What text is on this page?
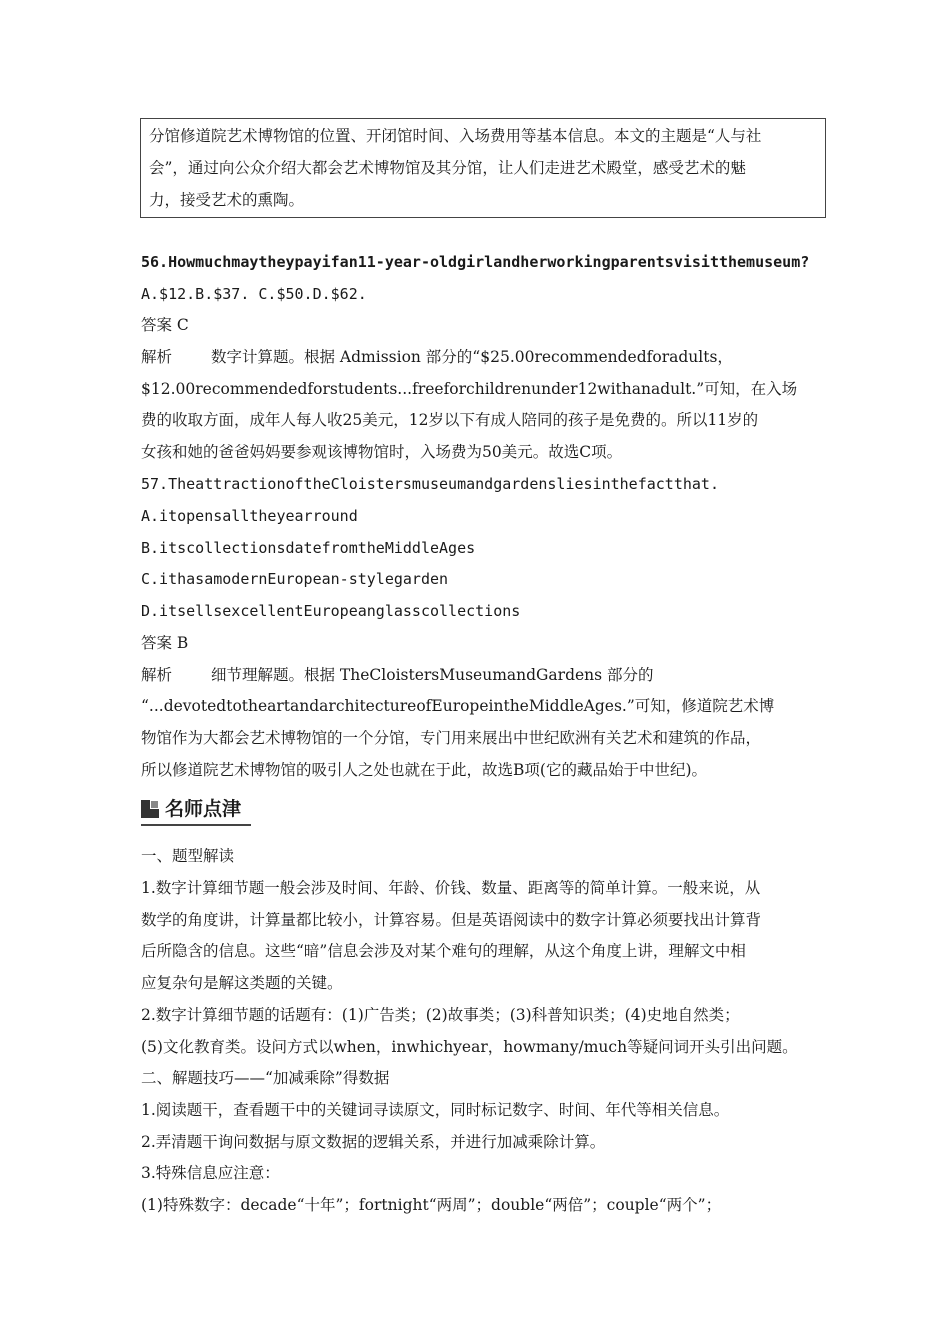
分馆修道院艺术博物馆的位置、开闭馆时间、入场费用等基本信息。本文的主题是“人与社
会”，通过向公众介绍大都会艺术博物馆及其分馆，让人们走进艺术殿堂，感受艺术的魅
力，接受艺术的熏陶。
56.Howmuchmaytheypayifan11-year-oldgirlandherworkingparentsvisitthemuseum?
A.$12.B.$37. C.$50.D.$62.
答案 C
解析	数字计算题。根据 Admission 部分的“$25.00recommendedforadults，
$12.00recommendedforstudents...freeforchildrenunder12withanadult.”可知，在入场
费的收取方面，成年人每人收25美元，12岁以下有成人陪同的孩子是免费的。所以11岁的
女孩和她的爸爸妈妈要参观该博物馆时，入场费为50美元。故选C项。
57.TheattractionoftheCloistersmuseumandgardensliesinthefactthat.
A.itopensalltheyearround
B.itscollectionsdatefromtheMiddleAges
C.ithasamodernEuropean-stylegarden
D.itsellsexcellentEuropeanglasscollections
答案 B
解析	细节理解题。根据 TheCloistersMuseumandGardens 部分的
“...devotedtotheartandarchitectureofEuropeintheMiddleAges.”可知，修道院艺术博
物馆作为大都会艺术博物馆的一个分馆，专门用来展出中世纪欧洲有关艺术和建筑的作品，
所以修道院艺术博物馆的吸引人之处也就在于此，故选B项(它的藏品始于中世纪)。
名师点津
一、题型解读
1.数字计算细节题一般会涉及时间、年龄、价钱、数量、距离等的简单计算。一般来说，从
数学的角度讲，计算量都比较小，计算容易。但是英语阅读中的数字计算必须要找出计算背
后所隐含的信息。这些“暗”信息会涉及对某个难句的理解，从这个角度上讲，理解文中相
应复杂句是解这类题的关键。
2.数字计算细节题的话题有：(1)广告类；(2)故事类；(3)科普知识类；(4)史地自然类；
(5)文化教育类。设问方式以when，inwhichyear，howmany/much等疑问词开头引出问题。
二、解题技巧——“加减乘除”得数据
1.阅读题干，查看题干中的关键词寻读原文，同时标记数字、时间、年代等相关信息。
2.弄清题干询问数据与原文数据的逻辑关系，并进行加减乘除计算。
3.特殊信息应注意：
(1)特殊数字：decade“十年”；fortnight“两周”；double“两倍”；couple“两个”；
